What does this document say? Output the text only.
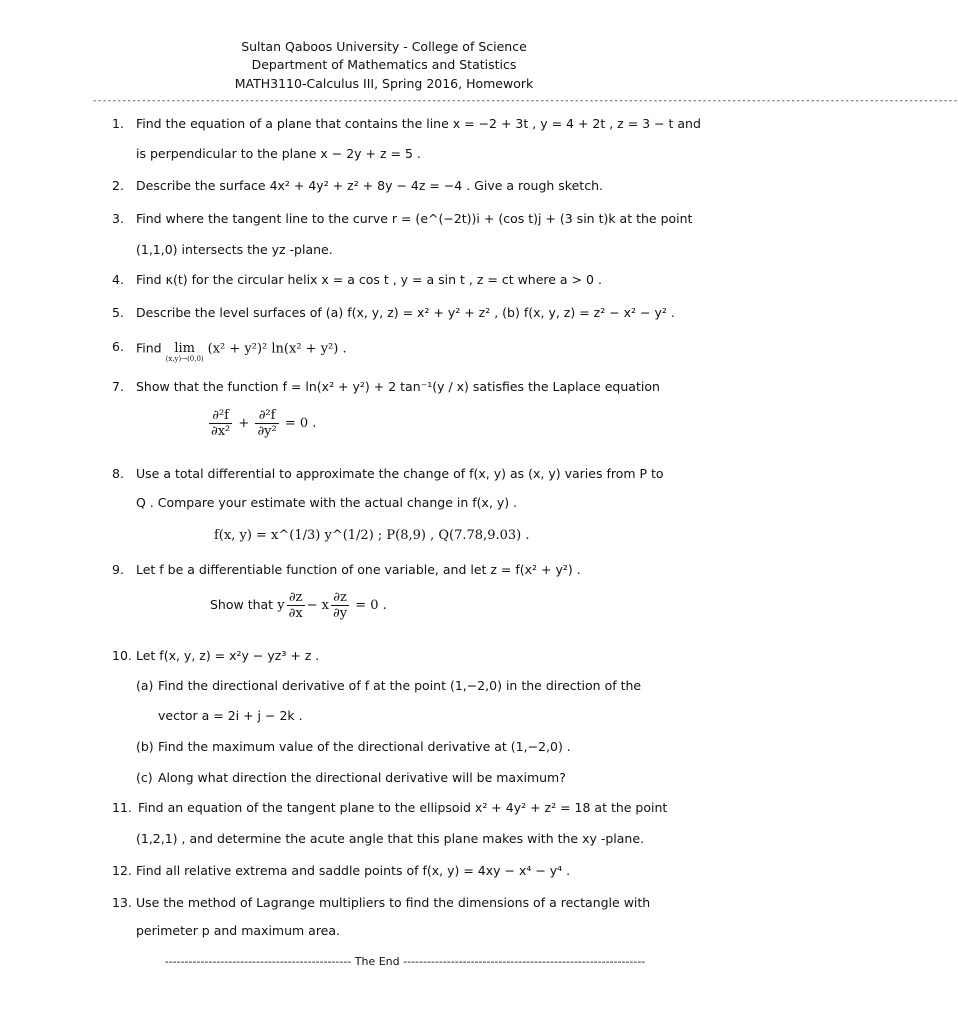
Sultan Qaboos University - College of Science
Department of Mathematics and Statistics
MATH3110-Calculus III, Spring 2016, Homework
--------------------------------------------------------------------------------------------------------------------------------------------------------------------------------
1. Find the equation of a plane that contains the line x = −2 + 3t , y = 4 + 2t , z = 3 − t and
is perpendicular to the plane x − 2y + z = 5 .
2. Describe the surface 4x² + 4y² + z² + 8y − 4z = −4 . Give a rough sketch.
3. Find where the tangent line to the curve r = (e^(−2t))i + (cos t)j + (3 sin t)k at the point
(1,1,0) intersects the yz -plane.
4. Find κ(t) for the circular helix x = a cos t , y = a sin t , z = ct where a > 0 .
5. Describe the level surfaces of (a) f(x, y, z) = x² + y² + z² , (b) f(x, y, z) = z² − x² − y² .
6. Find lim
(x,y)→(0,0)
(x² + y²)² ln(x² + y²) .
7. Show that the function f = ln(x² + y²) + 2 tan⁻¹(y / x) satisfies the Laplace equation
$\frac{\text{∂²f}}{\text{∂x²}} + \frac{\text{∂²f}}{\text{∂y²}} = 0$ .
8. Use a total differential to approximate the change of f(x, y) as (x, y) varies from P to
Q . Compare your estimate with the actual change in f(x, y) .
f(x, y) = x^(1/3) y^(1/2) ; P(8,9) , Q(7.78,9.03) .
9. Let f be a differentiable function of one variable, and let z = f(x² + y²) .
Show that y $\frac{\partial z}{\partial x} - x \frac{\partial z}{\partial y} = 0$ .
10. Let f(x, y, z) = x²y − yz³ + z .
(a) Find the directional derivative of f at the point (1,−2,0) in the direction of the
vector a = 2i + j − 2k .
(b) Find the maximum value of the directional derivative at (1,−2,0) .
(c) Along what direction the directional derivative will be maximum?
11. Find an equation of the tangent plane to the ellipsoid x² + 4y² + z² = 18 at the point
(1,2,1) , and determine the acute angle that this plane makes with the xy -plane.
12. Find all relative extrema and saddle points of f(x, y) = 4xy − x⁴ − y⁴ .
13. Use the method of Lagrange multipliers to find the dimensions of a rectangle with
perimeter p and maximum area.
----------------------------------------------- The End -------------------------------------------------------------
